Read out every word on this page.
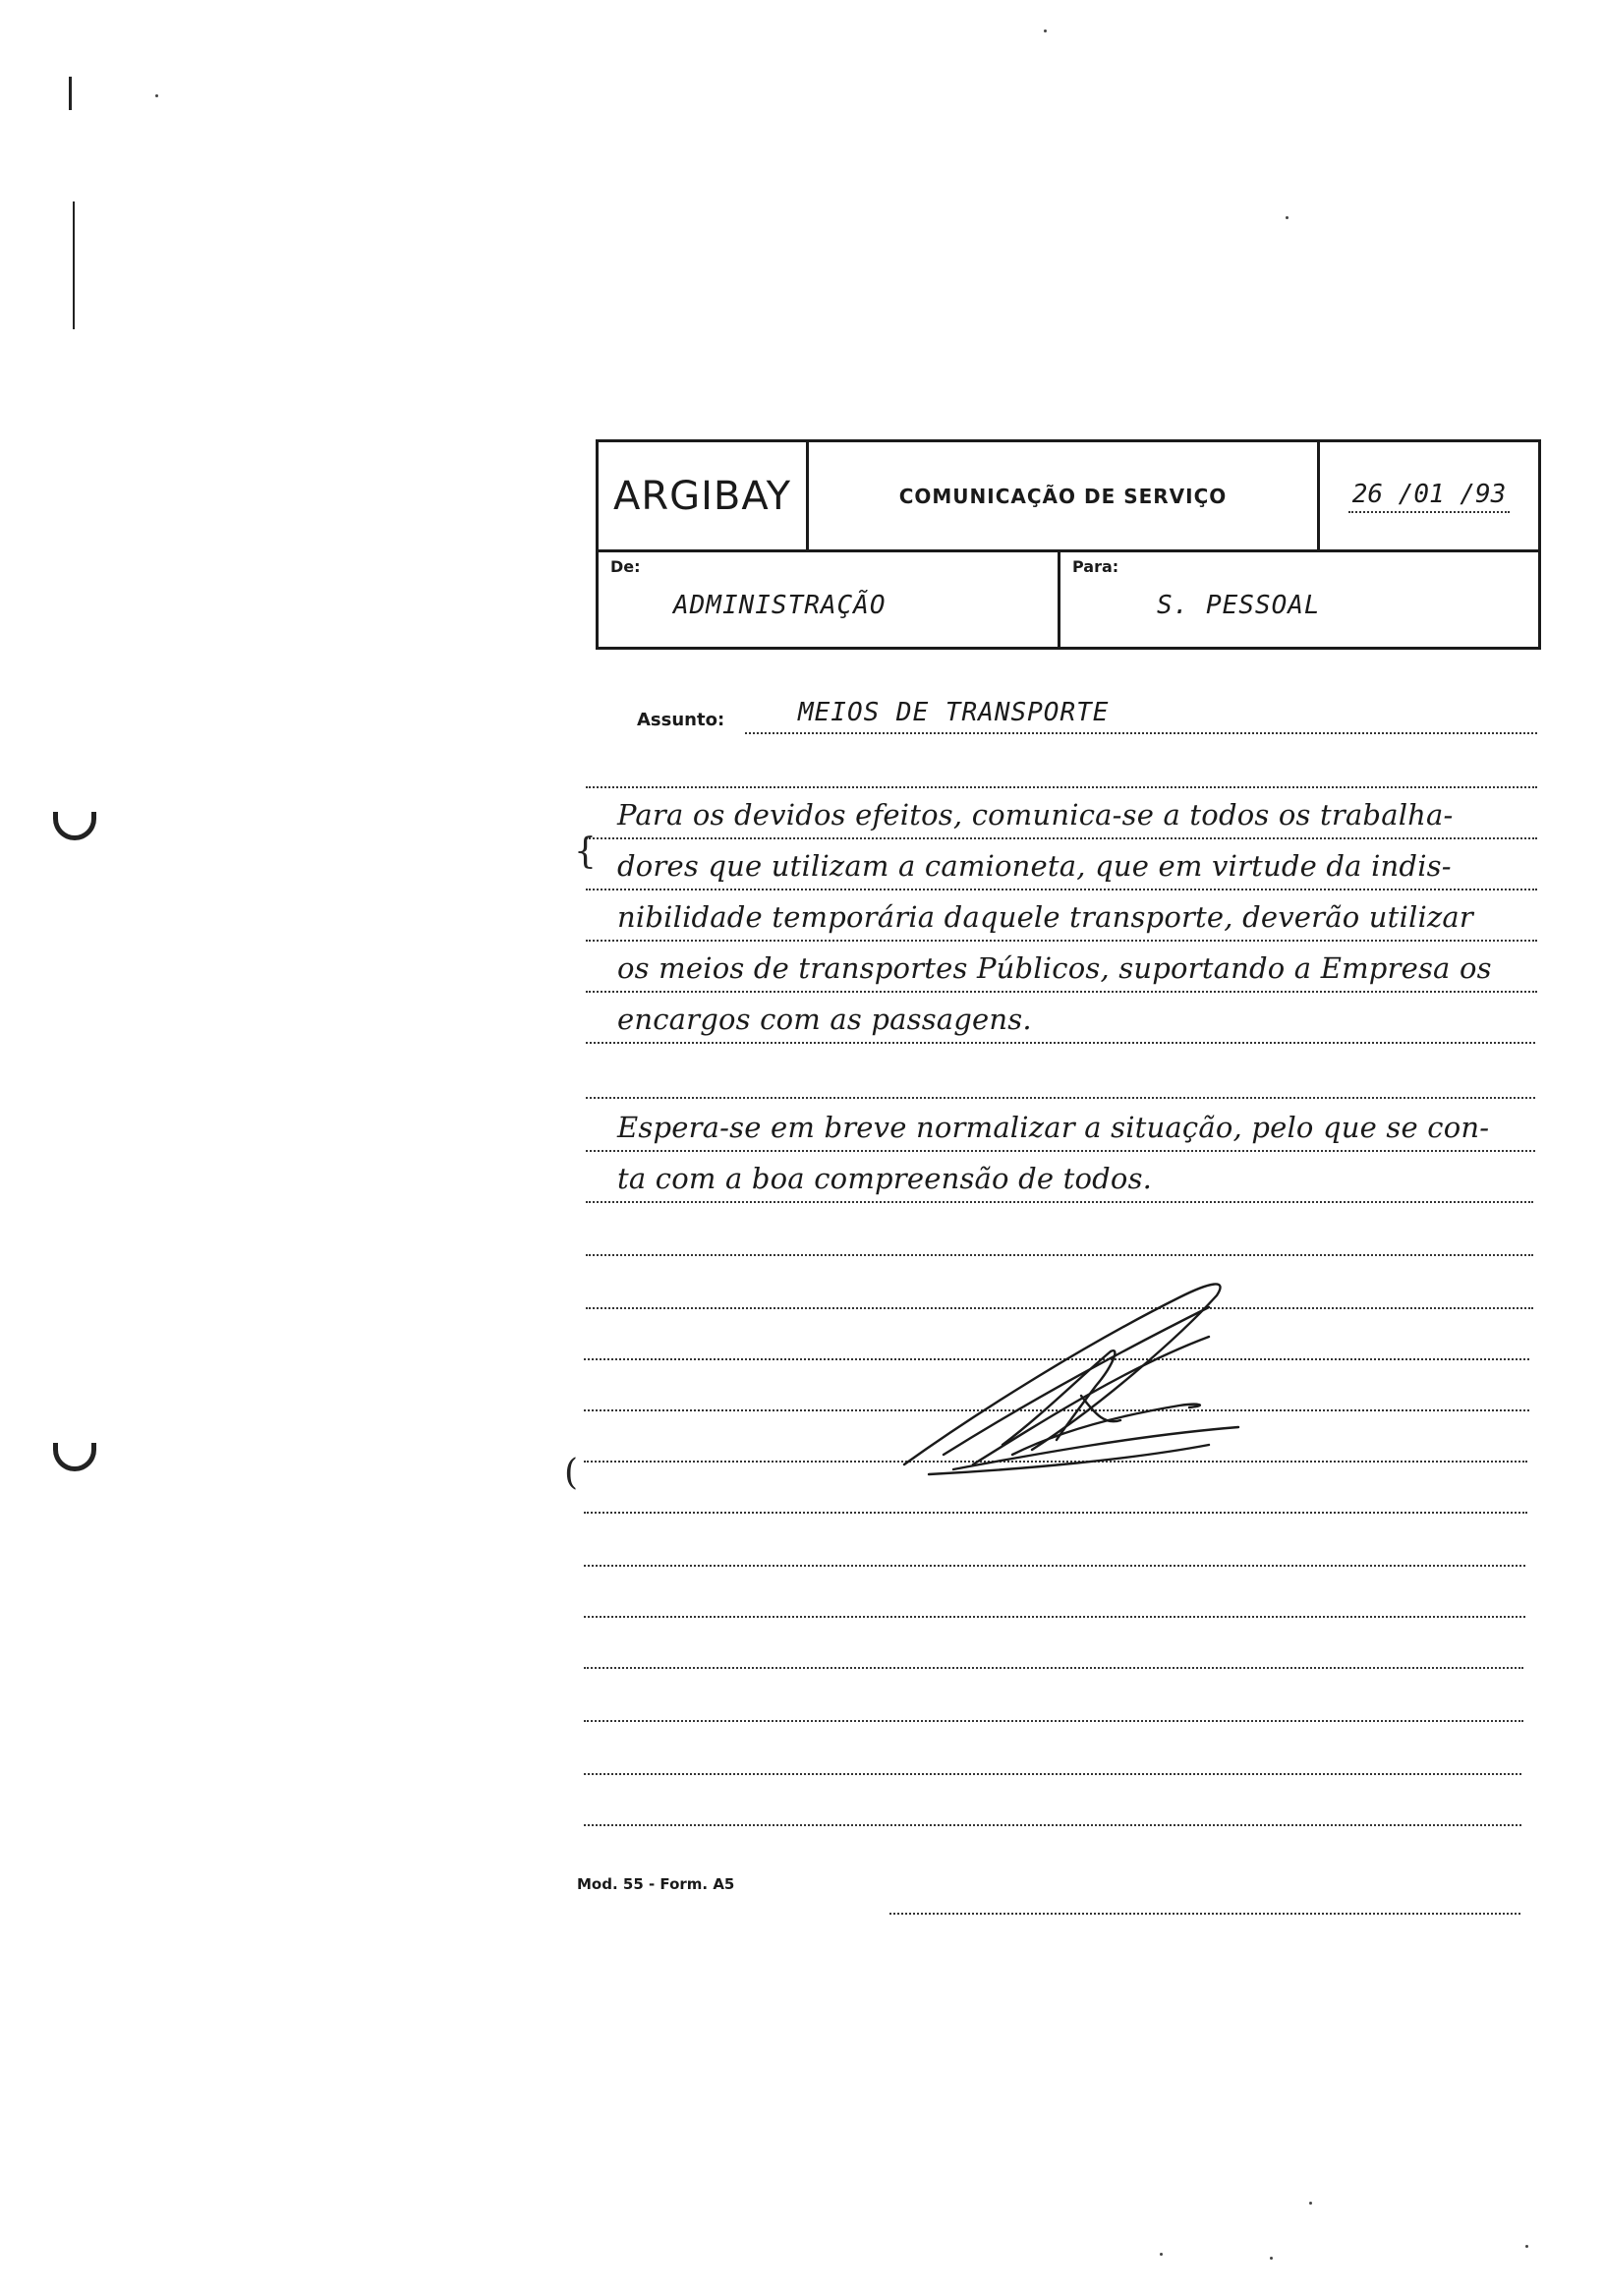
ARGIBAY	COMUNICAÇÃO DE SERVIÇO	26 /01 /93
De:
ADMINISTRAÇÃO
Para:
S. PESSOAL
Assunto:	MEIOS DE TRANSPORTE
{
(
Para os devidos efeitos, comunica-se a todos os trabalha-
dores que utilizam a camioneta, que em virtude da indis-
nibilidade temporária daquele transporte, deverão utilizar
os meios de transportes Públicos, suportando a Empresa os
encargos com as passagens.
Espera-se em breve normalizar a situação, pelo que se con-
ta com a boa compreensão de todos.
Mod. 55 - Form. A5
